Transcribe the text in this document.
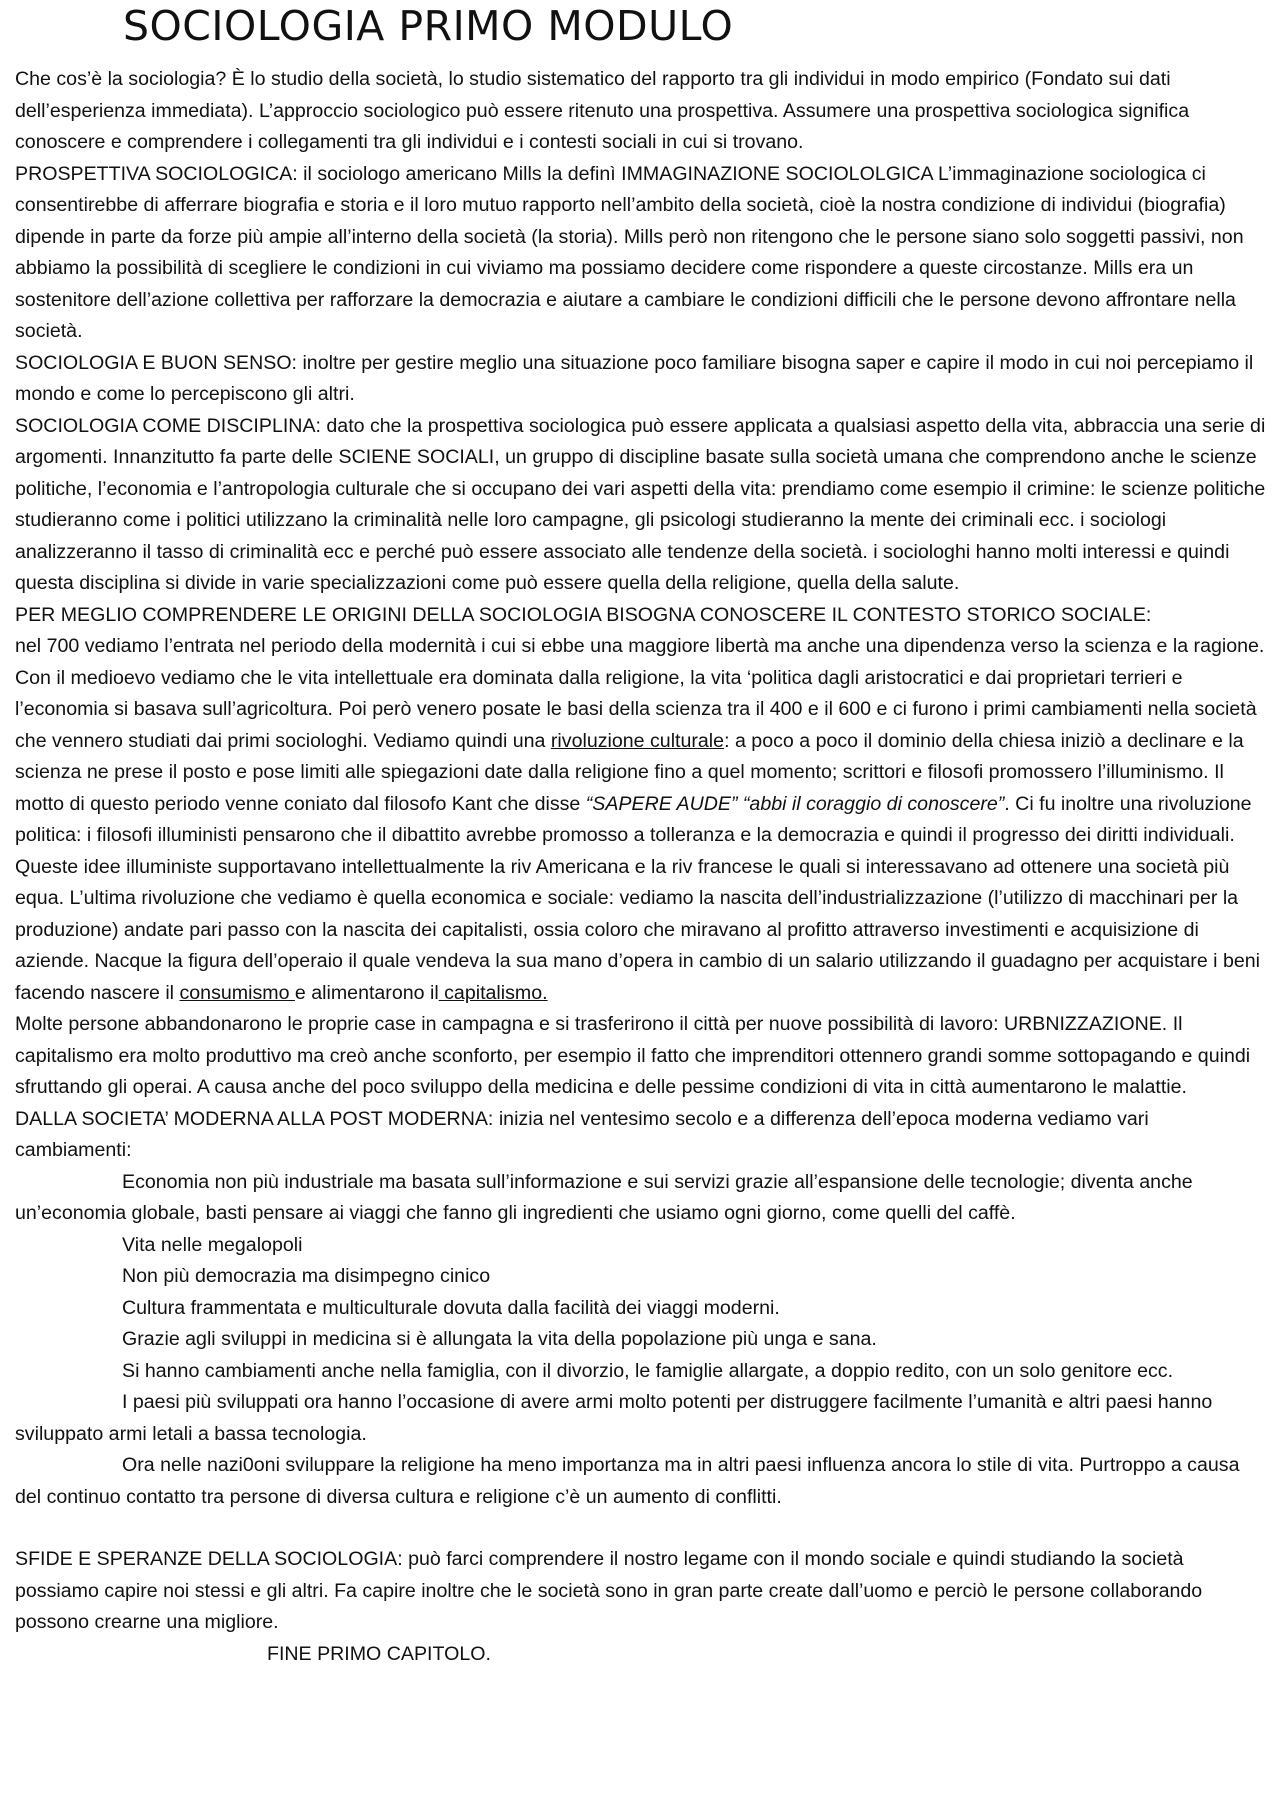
SOCIOLOGIA PRIMO MODULO

Che cos’è la sociologia? È lo studio della società, lo studio sistematico del rapporto tra gli individui in modo empirico (Fondato sui dati dell’esperienza immediata). L’approccio sociologico può essere ritenuto una prospettiva. Assumere una prospettiva sociologica significa conoscere e comprendere i collegamenti tra gli individui e i contesti sociali in cui si trovano.

PROSPETTIVA SOCIOLOGICA: il sociologo americano Mills la definì IMMAGINAZIONE SOCIOLOLGICA L’immaginazione sociologica ci consentirebbe di afferrare biografia e storia e il loro mutuo rapporto nell’ambito della società, cioè la nostra condizione di individui (biografia) dipende in parte da forze più ampie all’interno della società (la storia). Mills però non ritengono che le persone siano solo soggetti passivi, non abbiamo la possibilità di scegliere le condizioni in cui viviamo ma possiamo decidere come rispondere a queste circostanze. Mills era un sostenitore dell’azione collettiva per rafforzare la democrazia e aiutare a cambiare le condizioni difficili che le persone devono affrontare nella società.

SOCIOLOGIA E BUON SENSO: inoltre per gestire meglio una situazione poco familiare bisogna saper e capire il modo in cui noi percepiamo il mondo e come lo percepiscono gli altri.

SOCIOLOGIA COME DISCIPLINA: dato che la prospettiva sociologica può essere applicata a qualsiasi aspetto della vita, abbraccia una serie di argomenti. Innanzitutto fa parte delle SCIENE SOCIALI, un gruppo di discipline basate sulla società umana che comprendono anche le scienze politiche, l’economia e l’antropologia culturale che si occupano dei vari aspetti della vita: prendiamo come esempio il crimine: le scienze politiche studieranno come i politici utilizzano la criminalità nelle loro campagne, gli psicologi studieranno la mente dei criminali ecc. i sociologi analizzeranno il tasso di criminalità ecc e perché può essere associato alle tendenze della società. i sociologhi hanno molti interessi e quindi questa disciplina si divide in varie specializzazioni come può essere quella della religione, quella della salute.

PER MEGLIO COMPRENDERE LE ORIGINI DELLA SOCIOLOGIA BISOGNA CONOSCERE IL CONTESTO STORICO SOCIALE:

nel 700 vediamo l’entrata nel periodo della modernità i cui si ebbe una maggiore libertà ma anche una dipendenza verso la scienza e la ragione. Con il medioevo vediamo che le vita intellettuale era dominata dalla religione, la vita ‘politica dagli aristocratici e dai proprietari terrieri e l’economia si basava sull’agricoltura. Poi però venero posate le basi della scienza tra il 400 e il 600 e ci furono i primi cambiamenti nella società che vennero studiati dai primi sociologhi. Vediamo quindi una rivoluzione culturale: a poco a poco il dominio della chiesa iniziò a declinare e la scienza ne prese il posto e pose limiti alle spiegazioni date dalla religione fino a quel momento; scrittori e filosofi promossero l’illuminismo. Il motto di questo periodo venne coniato dal filosofo Kant che disse “SAPERE AUDE” “abbi il coraggio di conoscere”. Ci fu inoltre una rivoluzione politica: i filosofi illuministi pensarono che il dibattito avrebbe promosso a tolleranza e la democrazia e quindi il progresso dei diritti individuali. Queste idee illuministe supportavano intellettualmente la riv Americana e la riv francese le quali si interessavano ad ottenere una società più equa. L’ultima rivoluzione che vediamo è quella economica e sociale: vediamo la nascita dell’industrializzazione (l’utilizzo di macchinari per la produzione) andate pari passo con la nascita dei capitalisti, ossia coloro che miravano al profitto attraverso investimenti e acquisizione di aziende. Nacque la figura dell’operaio il quale vendeva la sua mano d’opera in cambio di un salario utilizzando il guadagno per acquistare i beni facendo nascere il consumismo e alimentarono il capitalismo.

Molte persone abbandonarono le proprie case in campagna e si trasferirono il città per nuove possibilità di lavoro: URBNIZZAZIONE. Il capitalismo era molto produttivo ma creò anche sconforto, per esempio il fatto che imprenditori ottennero grandi somme sottopagando e quindi sfruttando gli operai. A causa anche del poco sviluppo della medicina e delle pessime condizioni di vita in città aumentarono le malattie.

DALLA SOCIETA’ MODERNA ALLA POST MODERNA: inizia nel ventesimo secolo e a differenza dell’epoca moderna vediamo vari cambiamenti:

Economia non più industriale ma basata sull’informazione e sui servizi grazie all’espansione delle tecnologie; diventa anche un’economia globale, basti pensare ai viaggi che fanno gli ingredienti che usiamo ogni giorno, come quelli del caffè.

Vita nelle megalopoli

Non più democrazia ma disimpegno cinico

Cultura frammentata e multiculturale dovuta dalla facilità dei viaggi moderni.

Grazie agli sviluppi in medicina si è allungata la vita della popolazione più unga e sana.

Si hanno cambiamenti anche nella famiglia, con il divorzio, le famiglie allargate, a doppio redito, con un solo genitore ecc.

I paesi più sviluppati ora hanno l’occasione di avere armi molto potenti per distruggere facilmente l’umanità e altri paesi hanno sviluppato armi letali a bassa tecnologia.

Ora nelle nazi0oni sviluppare la religione ha meno importanza ma in altri paesi influenza ancora lo stile di vita. Purtroppo a causa del continuo contatto tra persone di diversa cultura e religione c’è un aumento di conflitti.

SFIDE E SPERANZE DELLA SOCIOLOGIA: può farci comprendere il nostro legame con il mondo sociale e quindi studiando la società possiamo capire noi stessi e gli altri. Fa capire inoltre che le società sono in gran parte create dall’uomo e perciò le persone collaborando possono crearne una migliore.

FINE PRIMO CAPITOLO.
